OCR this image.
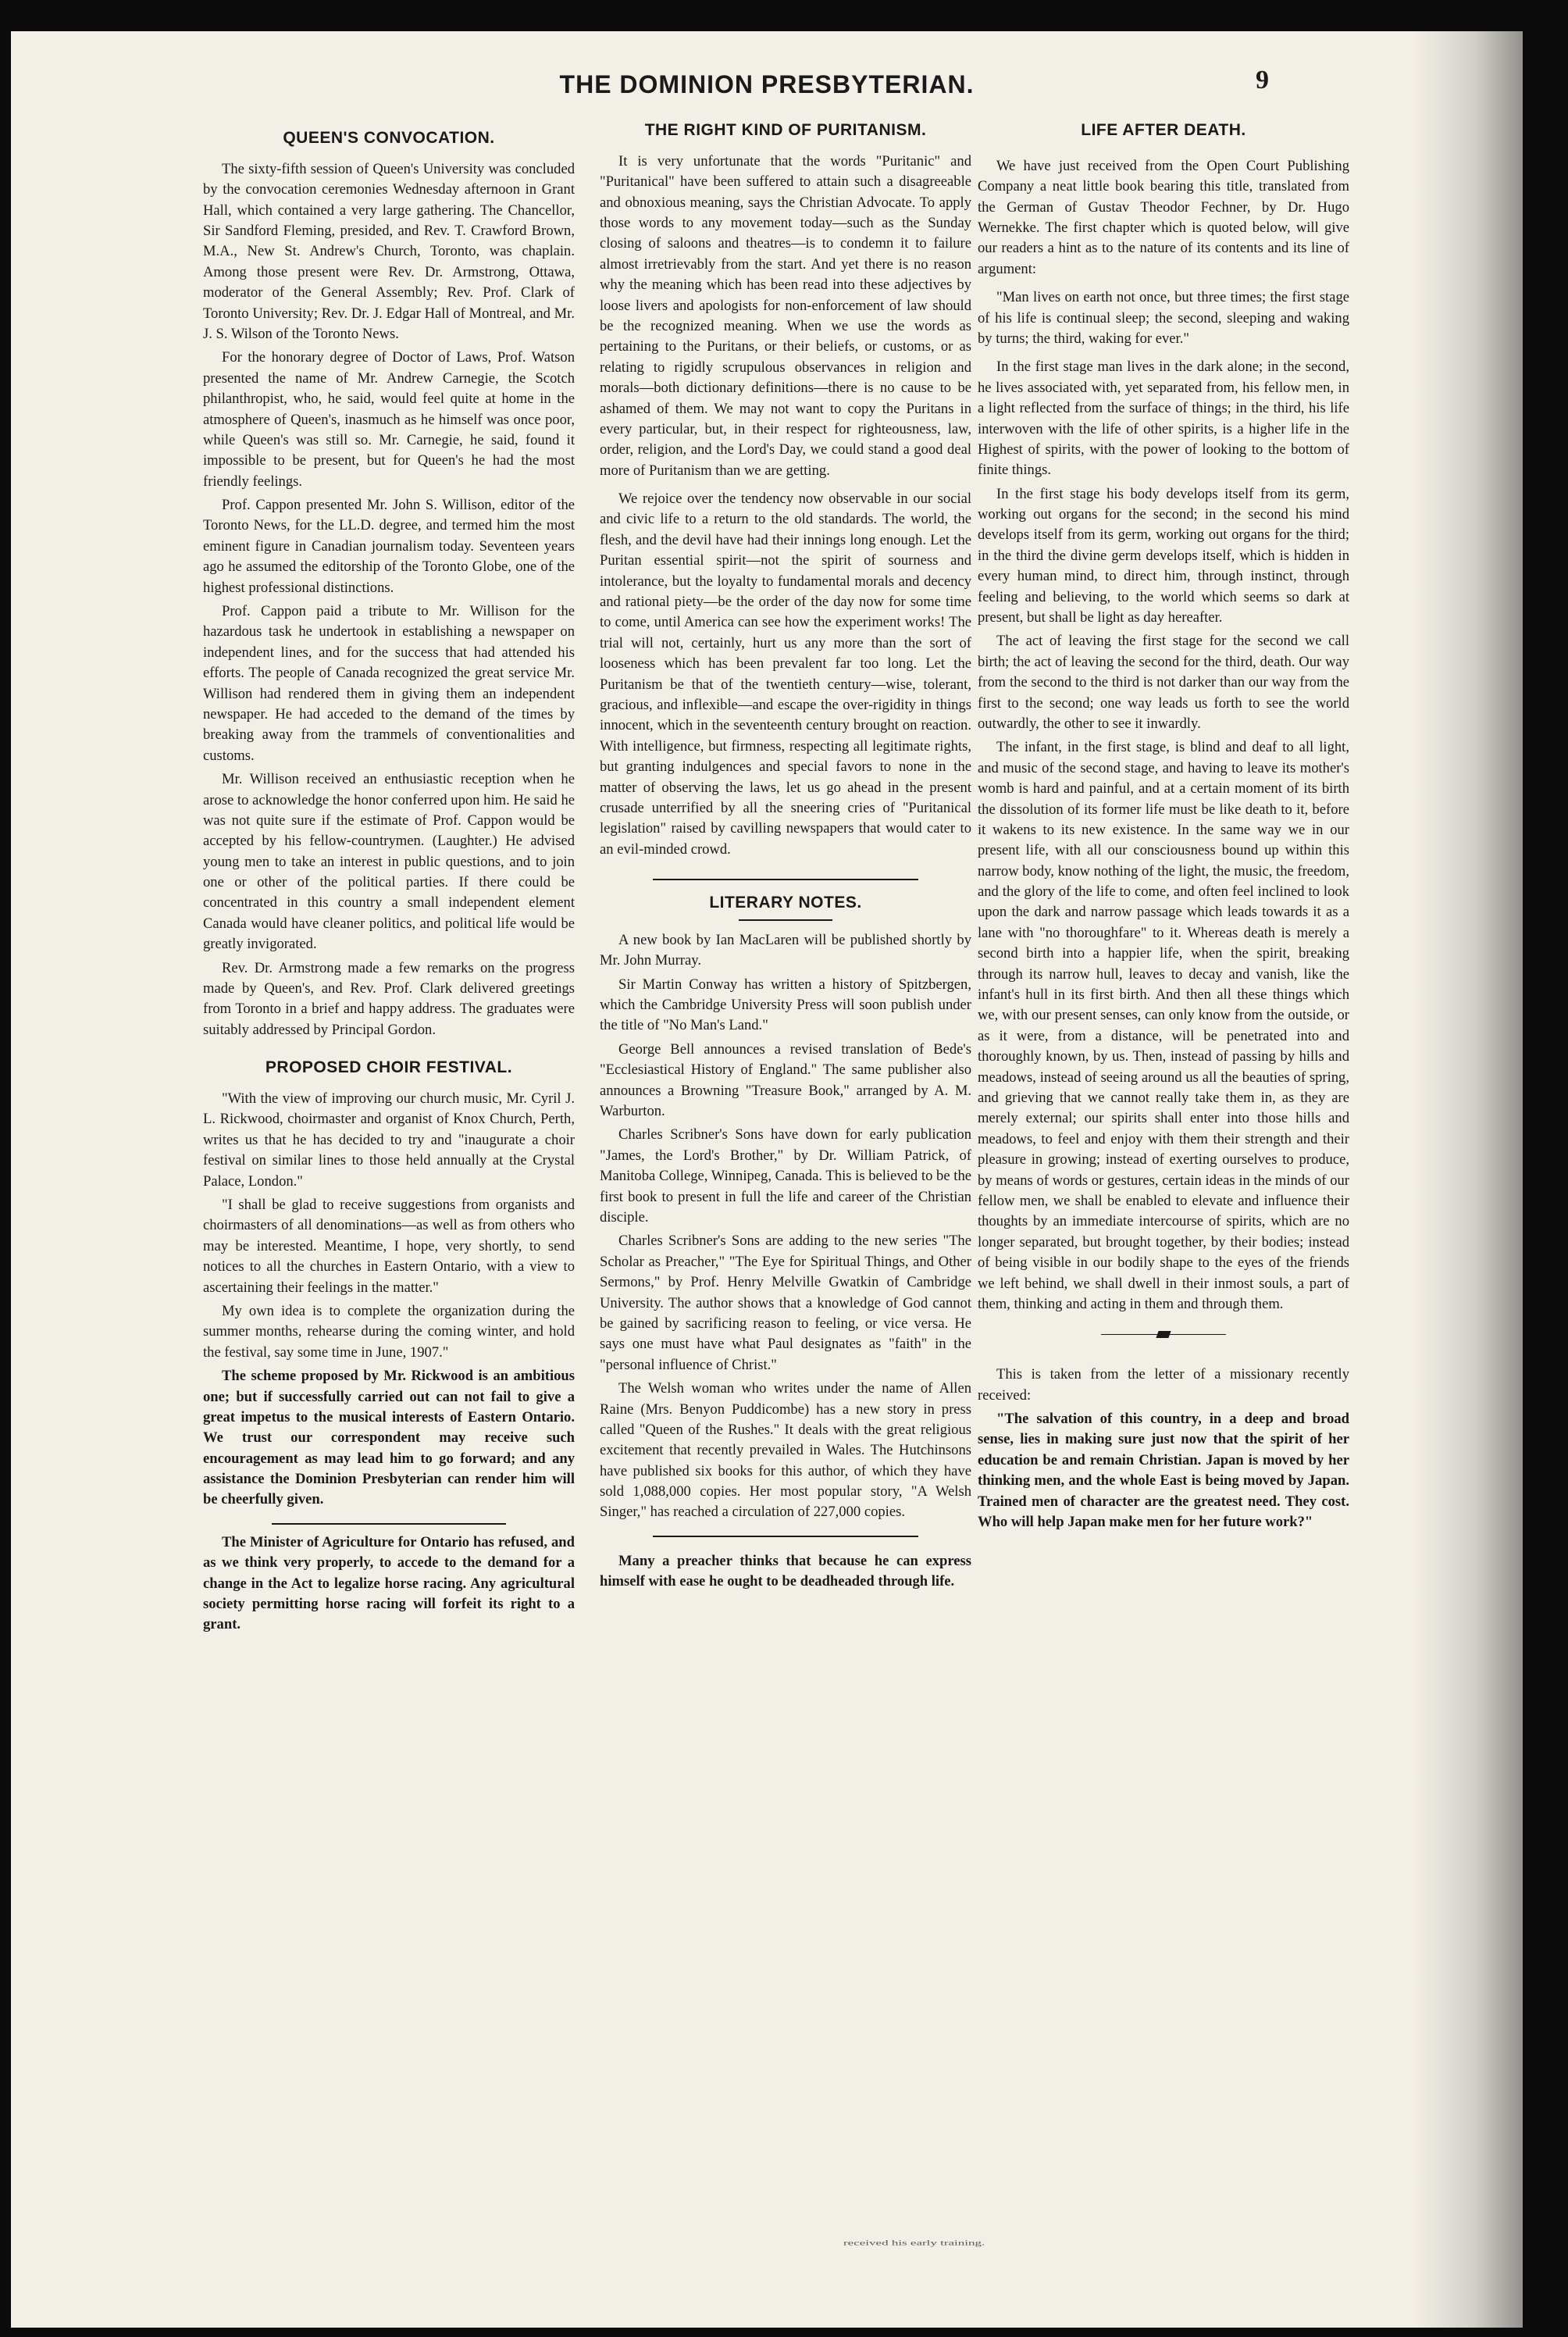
THE DOMINION PRESBYTERIAN.	9

QUEEN'S CONVOCATION.

The sixty-fifth session of Queen's University was concluded by the convocation ceremonies Wednesday afternoon in Grant Hall, which contained a very large gathering. The Chancellor, Sir Sandford Fleming, presided, and Rev. T. Crawford Brown, M.A., New St. Andrew's Church, Toronto, was chaplain. Among those present were Rev. Dr. Armstrong, Ottawa, moderator of the General Assembly; Rev. Prof. Clark of Toronto University; Rev. Dr. J. Edgar Hall of Montreal, and Mr. J. S. Wilson of the Toronto News.

For the honorary degree of Doctor of Laws, Prof. Watson presented the name of Mr. Andrew Carnegie, the Scotch philanthropist, who, he said, would feel quite at home in the atmosphere of Queen's, inasmuch as he himself was once poor, while Queen's was still so. Mr. Carnegie, he said, found it impossible to be present, but for Queen's he had the most friendly feelings.

Prof. Cappon presented Mr. John S. Willison, editor of the Toronto News, for the LL.D. degree, and termed him the most eminent figure in Canadian journalism today. Seventeen years ago he assumed the editorship of the Toronto Globe, one of the highest professional distinctions.

Prof. Cappon paid a tribute to Mr. Willison for the hazardous task he undertook in establishing a newspaper on independent lines, and for the success that had attended his efforts. The people of Canada recognized the great service Mr. Willison had rendered them in giving them an independent newspaper. He had acceded to the demand of the times by breaking away from the trammels of conventionalities and customs.

Mr. Willison received an enthusiastic reception when he arose to acknowledge the honor conferred upon him. He said he was not quite sure if the estimate of Prof. Cappon would be accepted by his fellow-countrymen. (Laughter.) He advised young men to take an interest in public questions, and to join one or other of the political parties. If there could be concentrated in this country a small independent element Canada would have cleaner politics, and political life would be greatly invigorated.

Rev. Dr. Armstrong made a few remarks on the progress made by Queen's, and Rev. Prof. Clark delivered greetings from Toronto in a brief and happy address. The graduates were suitably addressed by Principal Gordon.

PROPOSED CHOIR FESTIVAL.

"With the view of improving our church music, Mr. Cyril J. L. Rickwood, choirmaster and organist of Knox Church, Perth, writes us that he has decided to try and "inaugurate a choir festival on similar lines to those held annually at the Crystal Palace, London."

"I shall be glad to receive suggestions from organists and choirmasters of all denominations—as well as from others who may be interested. Meantime, I hope, very shortly, to send notices to all the churches in Eastern Ontario, with a view to ascertaining their feelings in the matter."

My own idea is to complete the organization during the summer months, rehearse during the coming winter, and hold the festival, say some time in June, 1907."

The scheme proposed by Mr. Rickwood is an ambitious one; but if successfully carried out can not fail to give a great impetus to the musical interests of Eastern Ontario. We trust our correspondent may receive such encouragement as may lead him to go forward; and any assistance the Dominion Presbyterian can render him will be cheerfully given.

The Minister of Agriculture for Ontario has refused, and as we think very properly, to accede to the demand for a change in the Act to legalize horse racing. Any agricultural society permitting horse racing will forfeit its right to a grant.

THE RIGHT KIND OF PURITANISM.

It is very unfortunate that the words "Puritanic" and "Puritanical" have been suffered to attain such a disagreeable and obnoxious meaning, says the Christian Advocate. To apply those words to any movement today—such as the Sunday closing of saloons and theatres—is to condemn it to failure almost irretrievably from the start. And yet there is no reason why the meaning which has been read into these adjectives by loose livers and apologists for non-enforcement of law should be the recognized meaning. When we use the words as pertaining to the Puritans, or their beliefs, or customs, or as relating to rigidly scrupulous observances in religion and morals—both dictionary definitions—there is no cause to be ashamed of them. We may not want to copy the Puritans in every particular, but, in their respect for righteousness, law, order, religion, and the Lord's Day, we could stand a good deal more of Puritanism than we are getting.

We rejoice over the tendency now observable in our social and civic life to a return to the old standards. The world, the flesh, and the devil have had their innings long enough. Let the Puritan essential spirit—not the spirit of sourness and intolerance, but the loyalty to fundamental morals and decency and rational piety—be the order of the day now for some time to come, until America can see how the experiment works! The trial will not, certainly, hurt us any more than the sort of looseness which has been prevalent far too long. Let the Puritanism be that of the twentieth century—wise, tolerant, gracious, and inflexible—and escape the over-rigidity in things innocent, which in the seventeenth century brought on reaction. With intelligence, but firmness, respecting all legitimate rights, but granting indulgences and special favors to none in the matter of observing the laws, let us go ahead in the present crusade unterrified by all the sneering cries of "Puritanical legislation" raised by cavilling newspapers that would cater to an evil-minded crowd.

LITERARY NOTES.

A new book by Ian MacLaren will be published shortly by Mr. John Murray.

Sir Martin Conway has written a history of Spitzbergen, which the Cambridge University Press will soon publish under the title of "No Man's Land."

George Bell announces a revised translation of Bede's "Ecclesiastical History of England." The same publisher also announces a Browning "Treasure Book," arranged by A. M. Warburton.

Charles Scribner's Sons have down for early publication "James, the Lord's Brother," by Dr. William Patrick, of Manitoba College, Winnipeg, Canada. This is believed to be the first book to present in full the life and career of the Christian disciple.

Charles Scribner's Sons are adding to the new series "The Scholar as Preacher," "The Eye for Spiritual Things, and Other Sermons," by Prof. Henry Melville Gwatkin of Cambridge University. The author shows that a knowledge of God cannot be gained by sacrificing reason to feeling, or vice versa. He says one must have what Paul designates as "faith" in the "personal influence of Christ."

The Welsh woman who writes under the name of Allen Raine (Mrs. Benyon Puddicombe) has a new story in press called "Queen of the Rushes." It deals with the great religious excitement that recently prevailed in Wales. The Hutchinsons have published six books for this author, of which they have sold 1,088,000 copies. Her most popular story, "A Welsh Singer," has reached a circulation of 227,000 copies.

Many a preacher thinks that because he can express himself with ease he ought to be deadheaded through life.

LIFE AFTER DEATH.

We have just received from the Open Court Publishing Company a neat little book bearing this title, translated from the German of Gustav Theodor Fechner, by Dr. Hugo Wernekke. The first chapter which is quoted below, will give our readers a hint as to the nature of its contents and its line of argument:

"Man lives on earth not once, but three times; the first stage of his life is continual sleep; the second, sleeping and waking by turns; the third, waking for ever."

In the first stage man lives in the dark alone; in the second, he lives associated with, yet separated from, his fellow men, in a light reflected from the surface of things; in the third, his life interwoven with the life of other spirits, is a higher life in the Highest of spirits, with the power of looking to the bottom of finite things.

In the first stage his body develops itself from its germ, working out organs for the second; in the second his mind develops itself from its germ, working out organs for the third; in the third the divine germ develops itself, which is hidden in every human mind, to direct him, through instinct, through feeling and believing, to the world which seems so dark at present, but shall be light as day hereafter.

The act of leaving the first stage for the second we call birth; the act of leaving the second for the third, death. Our way from the second to the third is not darker than our way from the first to the second; one way leads us forth to see the world outwardly, the other to see it inwardly.

The infant, in the first stage, is blind and deaf to all light, and music of the second stage, and having to leave its mother's womb is hard and painful, and at a certain moment of its birth the dissolution of its former life must be like death to it, before it wakens to its new existence. In the same way we in our present life, with all our consciousness bound up within this narrow body, know nothing of the light, the music, the freedom, and the glory of the life to come, and often feel inclined to look upon the dark and narrow passage which leads towards it as a lane with "no thoroughfare" to it. Whereas death is merely a second birth into a happier life, when the spirit, breaking through its narrow hull, leaves to decay and vanish, like the infant's hull in its first birth. And then all these things which we, with our present senses, can only know from the outside, or as it were, from a distance, will be penetrated into and thoroughly known, by us. Then, instead of passing by hills and meadows, instead of seeing around us all the beauties of spring, and grieving that we cannot really take them in, as they are merely external; our spirits shall enter into those hills and meadows, to feel and enjoy with them their strength and their pleasure in growing; instead of exerting ourselves to produce, by means of words or gestures, certain ideas in the minds of our fellow men, we shall be enabled to elevate and influence their thoughts by an immediate intercourse of spirits, which are no longer separated, but brought together, by their bodies; instead of being visible in our bodily shape to the eyes of the friends we left behind, we shall dwell in their inmost souls, a part of them, thinking and acting in them and through them.

This is taken from the letter of a missionary recently received:

"The salvation of this country, in a deep and broad sense, lies in making sure just now that the spirit of her education be and remain Christian. Japan is moved by her thinking men, and the whole East is being moved by Japan. Trained men of character are the greatest need. They cost. Who will help Japan make men for her future work?"

received his early training.
